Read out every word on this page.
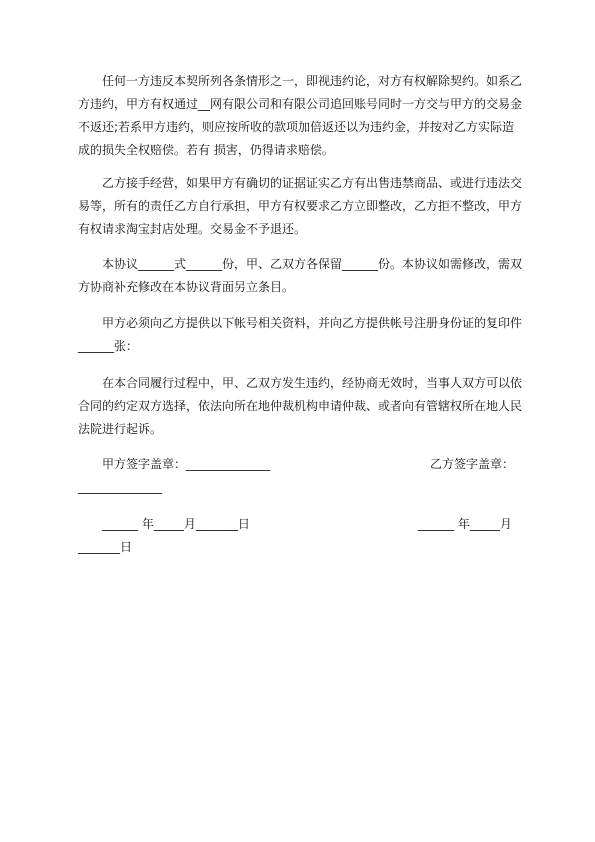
任何一方违反本契所列各条情形之一，即视违约论，对方有权解除契约。如系乙
方违约，甲方有权通过__网有限公司和有限公司追回账号同时一方交与甲方的交易金
不返还;若系甲方违约，则应按所收的款项加倍返还以为违约金，并按对乙方实际造
成的损失全权赔偿。若有 损害，仍得请求赔偿。
乙方接手经营，如果甲方有确切的证据证实乙方有出售违禁商品、或进行违法交
易等，所有的责任乙方自行承担，甲方有权要求乙方立即整改，乙方拒不整改，甲方
有权请求淘宝封店处理。交易金不予退还。
本协议______式______份，甲、乙双方各保留______份。本协议如需修改，需双
方协商补充修改在本协议背面另立条目。
甲方必须向乙方提供以下帐号相关资料，并向乙方提供帐号注册身份证的复印件
______张：
在本合同履行过程中，甲、乙双方发生违约，经协商无效时，当事人双方可以依
合同的约定双方选择，依法向所在地仲裁机构申请仲裁、或者向有管辖权所在地人民
法院进行起诉。
甲方签字盖章：______________	乙方签字盖章：
______________
______ 年_____月_______日	______ 年_____月
_______日
